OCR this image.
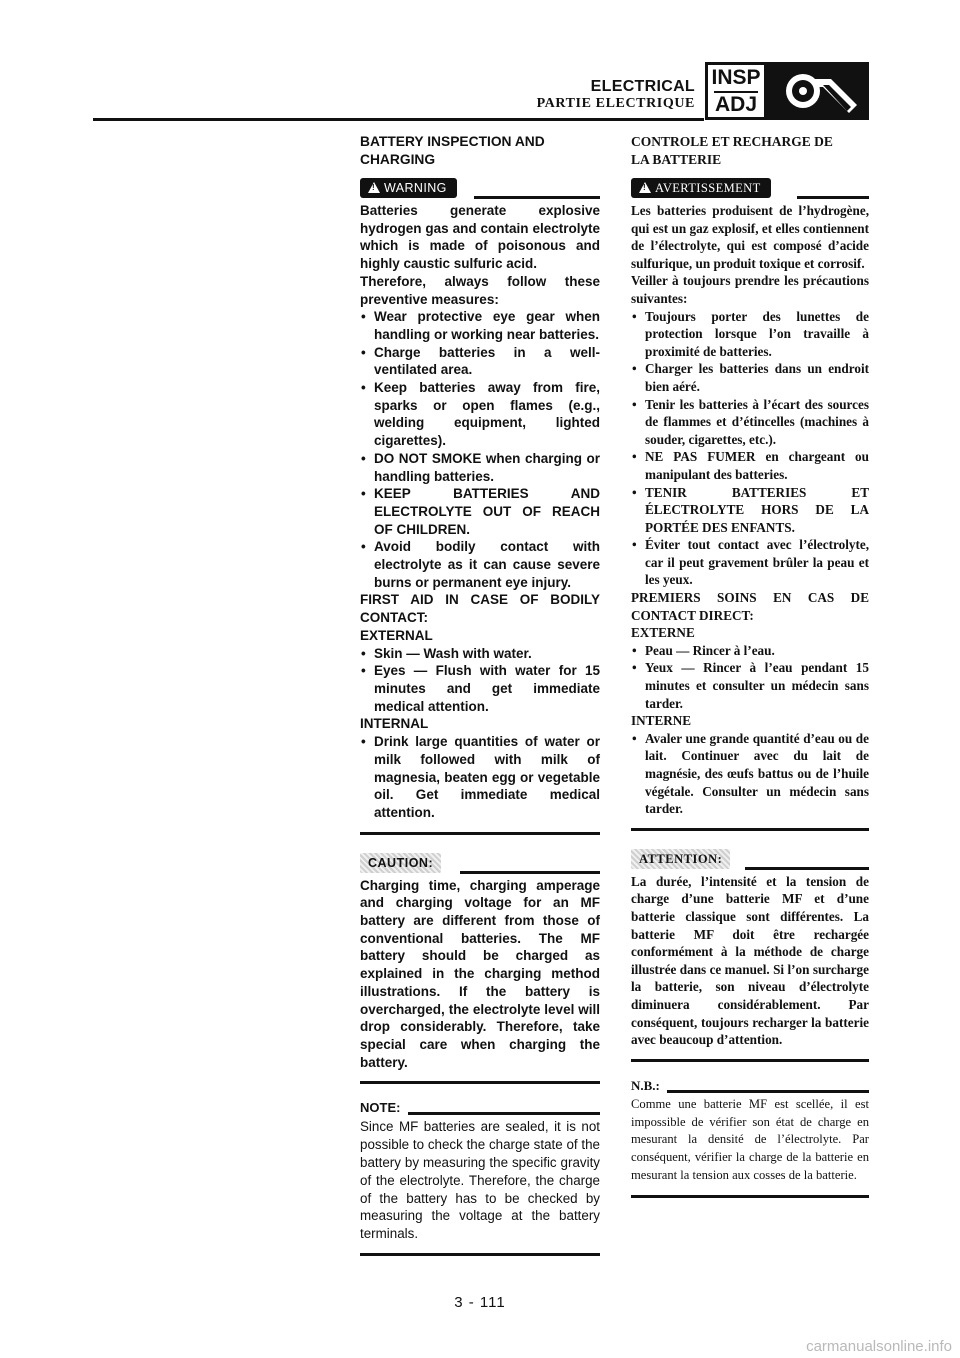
ELECTRICAL
PARTIE ELECTRIQUE
INSP
ADJ

BATTERY INSPECTION AND

CHARGING

!
WARNING

Batteries generate explosive hydrogen gas and contain electrolyte which is made of poisonous and highly caustic sulfuric acid.

Therefore, always follow these preventive measures:

• Wear protective eye gear when handling or working near batteries.
• Charge batteries in a well-ventilated area.
• Keep batteries away from fire, sparks or open flames (e.g., welding equipment, lighted cigarettes).
• DO NOT SMOKE when charging or handling batteries.
• KEEP BATTERIES AND ELECTROLYTE OUT OF REACH OF CHILDREN.
• Avoid bodily contact with electrolyte as it can cause severe burns or permanent eye injury.

FIRST AID IN CASE OF BODILY CONTACT:

EXTERNAL

• Skin — Wash with water.
• Eyes — Flush with water for 15 minutes and get immediate medical attention.

INTERNAL

• Drink large quantities of water or milk followed with milk of magnesia, beaten egg or vegetable oil. Get immediate medical attention.
CAUTION:

Charging time, charging amperage and charging voltage for an MF battery are different from those of conventional batteries. The MF battery should be charged as explained in the charging method illustrations. If the battery is overcharged, the electrolyte level will drop considerably. Therefore, take special care when charging the battery.

NOTE:

Since MF batteries are sealed, it is not possible to check the charge state of the battery by measuring the specific gravity of the electrolyte. Therefore, the charge of the battery has to be checked by measuring the voltage at the battery terminals.

CONTROLE ET RECHARGE DE

LA BATTERIE

!
AVERTISSEMENT

Les batteries produisent de l’hydrogène, qui est un gaz explosif, et elles contiennent de l’électrolyte, qui est composé d’acide sulfurique, un produit toxique et corrosif.

Veiller à toujours prendre les précautions suivantes:

• Toujours porter des lunettes de protection lorsque l’on travaille à proximité de batteries.
• Charger les batteries dans un endroit bien aéré.
• Tenir les batteries à l’écart des sources de flammes et d’étincelles (machines à souder, cigarettes, etc.).
• NE PAS FUMER en chargeant ou manipulant des batteries.
• TENIR BATTERIES ET ÉLECTROLYTE HORS DE LA PORTÉE DES ENFANTS.
• Éviter tout contact avec l’électrolyte, car il peut gravement brûler la peau et les yeux.

PREMIERS SOINS EN CAS DE CONTACT DIRECT:

EXTERNE

• Peau — Rincer à l’eau.
• Yeux — Rincer à l’eau pendant 15 minutes et consulter un médecin sans tarder.

INTERNE

• Avaler une grande quantité d’eau ou de lait. Continuer avec du lait de magnésie, des œufs battus ou de l’huile végétale. Consulter un médecin sans tarder.
ATTENTION:

La durée, l’intensité et la tension de charge d’une batterie MF et d’une batterie classique sont différentes. La batterie MF doit être rechargée conformément à la méthode de charge illustrée dans ce manuel. Si l’on surcharge la batterie, son niveau d’électrolyte diminuera considérablement. Par conséquent, toujours recharger la batterie avec beaucoup d’attention.

N.B.:

Comme une batterie MF est scellée, il est impossible de vérifier son état de charge en mesurant la densité de l’électrolyte. Par conséquent, vérifier la charge de la batterie en mesurant la tension aux cosses de la batterie.

3 - 111
carmanualsonline.info
